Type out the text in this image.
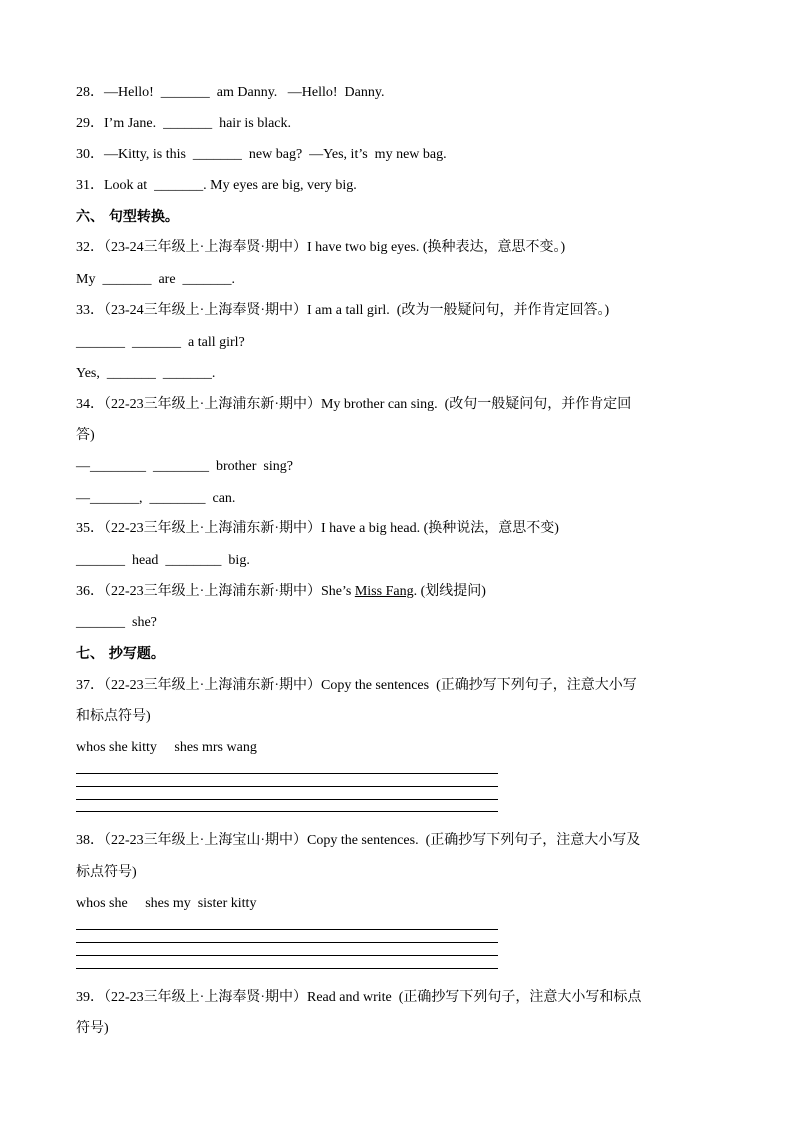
28．—Hello!  _______  am Danny.   —Hello!  Danny.
29．I’m Jane.  _______  hair is black.
30．—Kitty, is this  _______  new bag?  —Yes, it’s  my new bag.
31．Look at  _______. My eyes are big, very big.
六、 句型转换。
32．（23-24三年级上·上海奉贤·期中）I have two big eyes. (换种表达，意思不变。)
My  _______  are  _______.
33．（23-24三年级上·上海奉贤·期中）I am a tall girl.  (改为一般疑问句，并作肯定回答。)
_______  _______  a tall girl?
Yes,  _______  _______.
34．（22-23三年级上·上海浦东新·期中）My brother can sing.  (改句一般疑问句，并作肯定回
答)
—________  ________  brother  sing?
—_______,  ________  can.
35．（22-23三年级上·上海浦东新·期中）I have a big head. (换种说法，意思不变)
_______  head  ________  big.
36．（22-23三年级上·上海浦东新·期中）She’s Miss Fang. (划线提问)
_______  she?
七、 抄写题。
37．（22-23三年级上·上海浦东新·期中）Copy the sentences  (正确抄写下列句子，注意大小写
和标点符号)
whos she kitty     shes mrs wang
38．（22-23三年级上·上海宝山·期中）Copy the sentences.  (正确抄写下列句子，注意大小写及
标点符号)
whos she     shes my  sister kitty
39．（22-23三年级上·上海奉贤·期中）Read and write  (正确抄写下列句子，注意大小写和标点
符号)
